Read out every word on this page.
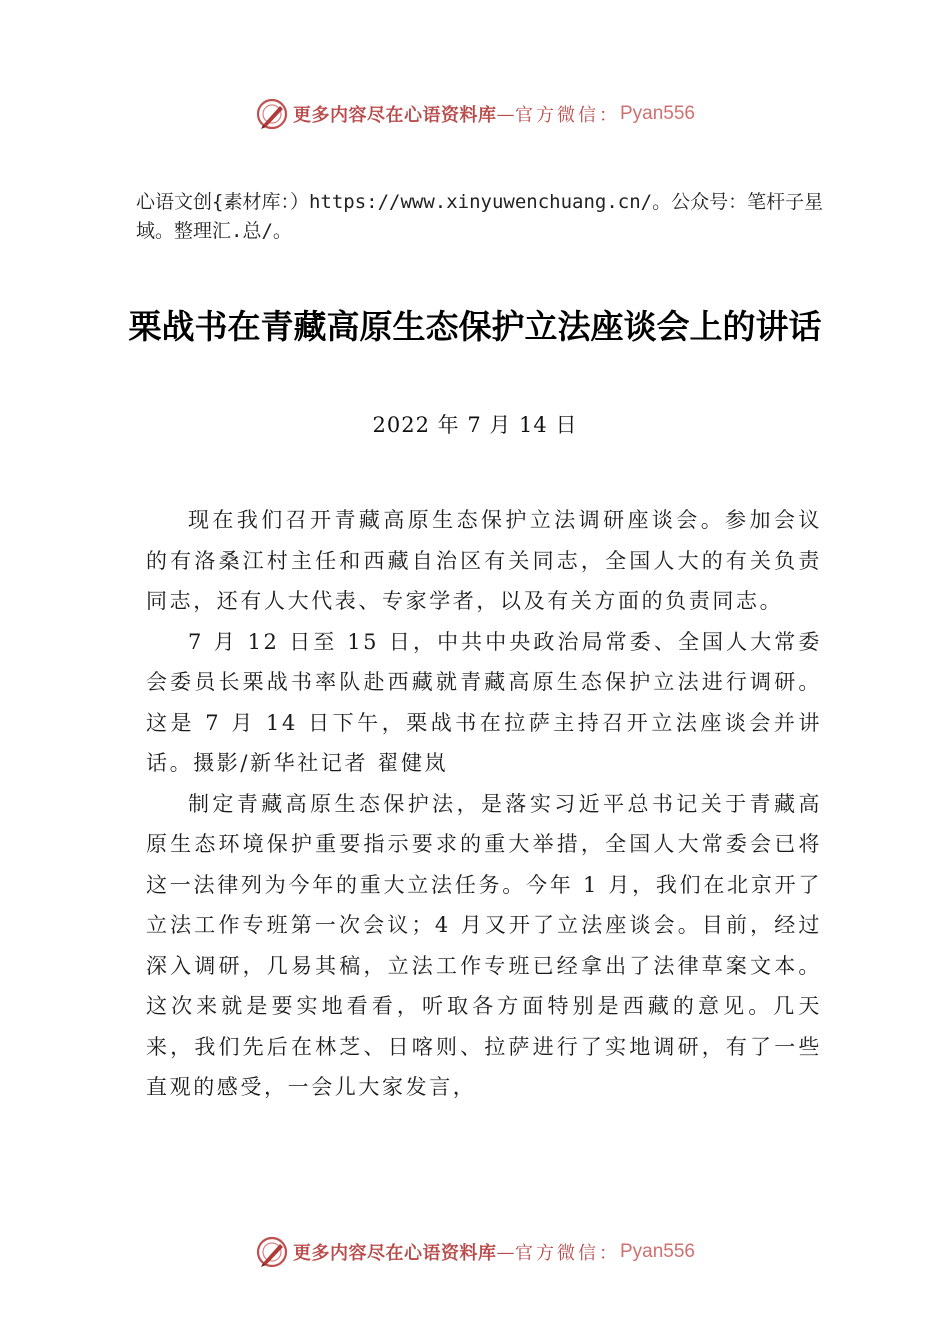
更多内容尽在心语资料库 — 官方微信： Pyan556
心语文创{素材库：）https://www.xinyuwenchuang.cn/。公众号：笔杆子星域。整理汇.总/。
栗战书在青藏高原生态保护立法座谈会上的讲话
2022 年 7 月 14 日

现在我们召开青藏高原生态保护立法调研座谈会。参加会议的有洛桑江村主任和西藏自治区有关同志，全国人大的有关负责同志，还有人大代表、专家学者，以及有关方面的负责同志。

7 月 12 日至 15 日，中共中央政治局常委、全国人大常委会委员长栗战书率队赴西藏就青藏高原生态保护立法进行调研。这是 7 月 14 日下午，栗战书在拉萨主持召开立法座谈会并讲话。摄影/新华社记者 翟健岚

制定青藏高原生态保护法，是落实习近平总书记关于青藏高原生态环境保护重要指示要求的重大举措，全国人大常委会已将这一法律列为今年的重大立法任务。今年 1 月，我们在北京开了立法工作专班第一次会议；4 月又开了立法座谈会。目前，经过深入调研，几易其稿，立法工作专班已经拿出了法律草案文本。这次来就是要实地看看，听取各方面特别是西藏的意见。几天来，我们先后在林芝、日喀则、拉萨进行了实地调研，有了一些直观的感受，一会儿大家发言，

更多内容尽在心语资料库 — 官方微信： Pyan556
